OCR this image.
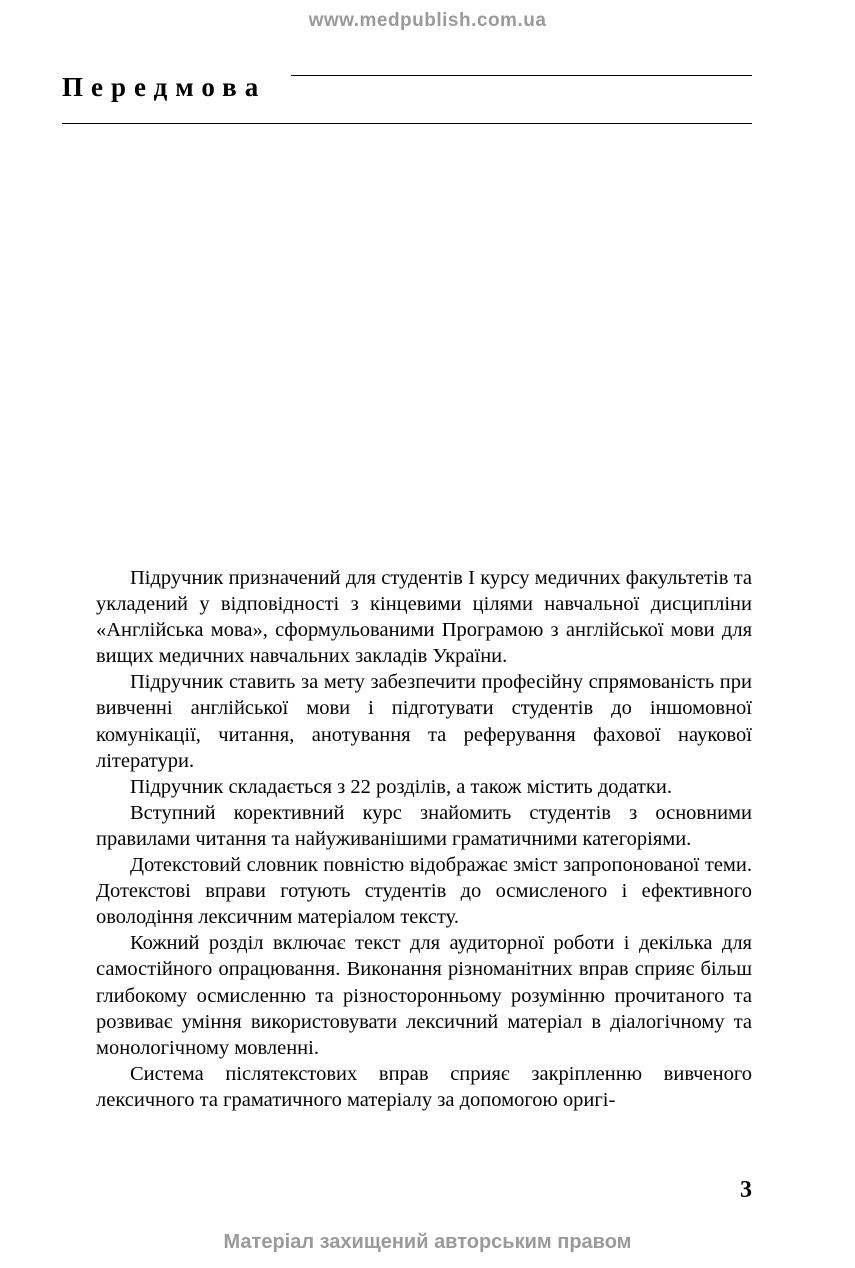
www.medpublish.com.ua
Передмова

Підручник призначений для студентів I курсу медичних факультетів та укладений у відповідності з кінцевими цілями навчальної дисципліни «Англійська мова», сформульованими Програмою з англійської мови для вищих медичних навчальних закладів України.

Підручник ставить за мету забезпечити професійну спрямованість при вивченні англійської мови і підготувати студентів до іншомовної комунікації, читання, анотування та реферування фахової наукової літератури.

Підручник складається з 22 розділів, а також містить додатки.

Вступний корективний курс знайомить студентів з основними правилами читання та найуживанішими граматичними категоріями.

Дотекстовий словник повністю відображає зміст запропонованої теми. Дотекстові вправи готують студентів до осмисленого і ефективного оволодіння лексичним матеріалом тексту.

Кожний розділ включає текст для аудиторної роботи і декілька для самостійного опрацювання. Виконання різноманітних вправ сприяє більш глибокому осмисленню та різносторонньому розумінню прочитаного та розвиває уміння використовувати лексичний матеріал в діалогічному та монологічному мовленні.

Система післятекстових вправ сприяє закріпленню вивченого лексичного та граматичного матеріалу за допомогою оригі-

3
Матеріал захищений авторським правом
